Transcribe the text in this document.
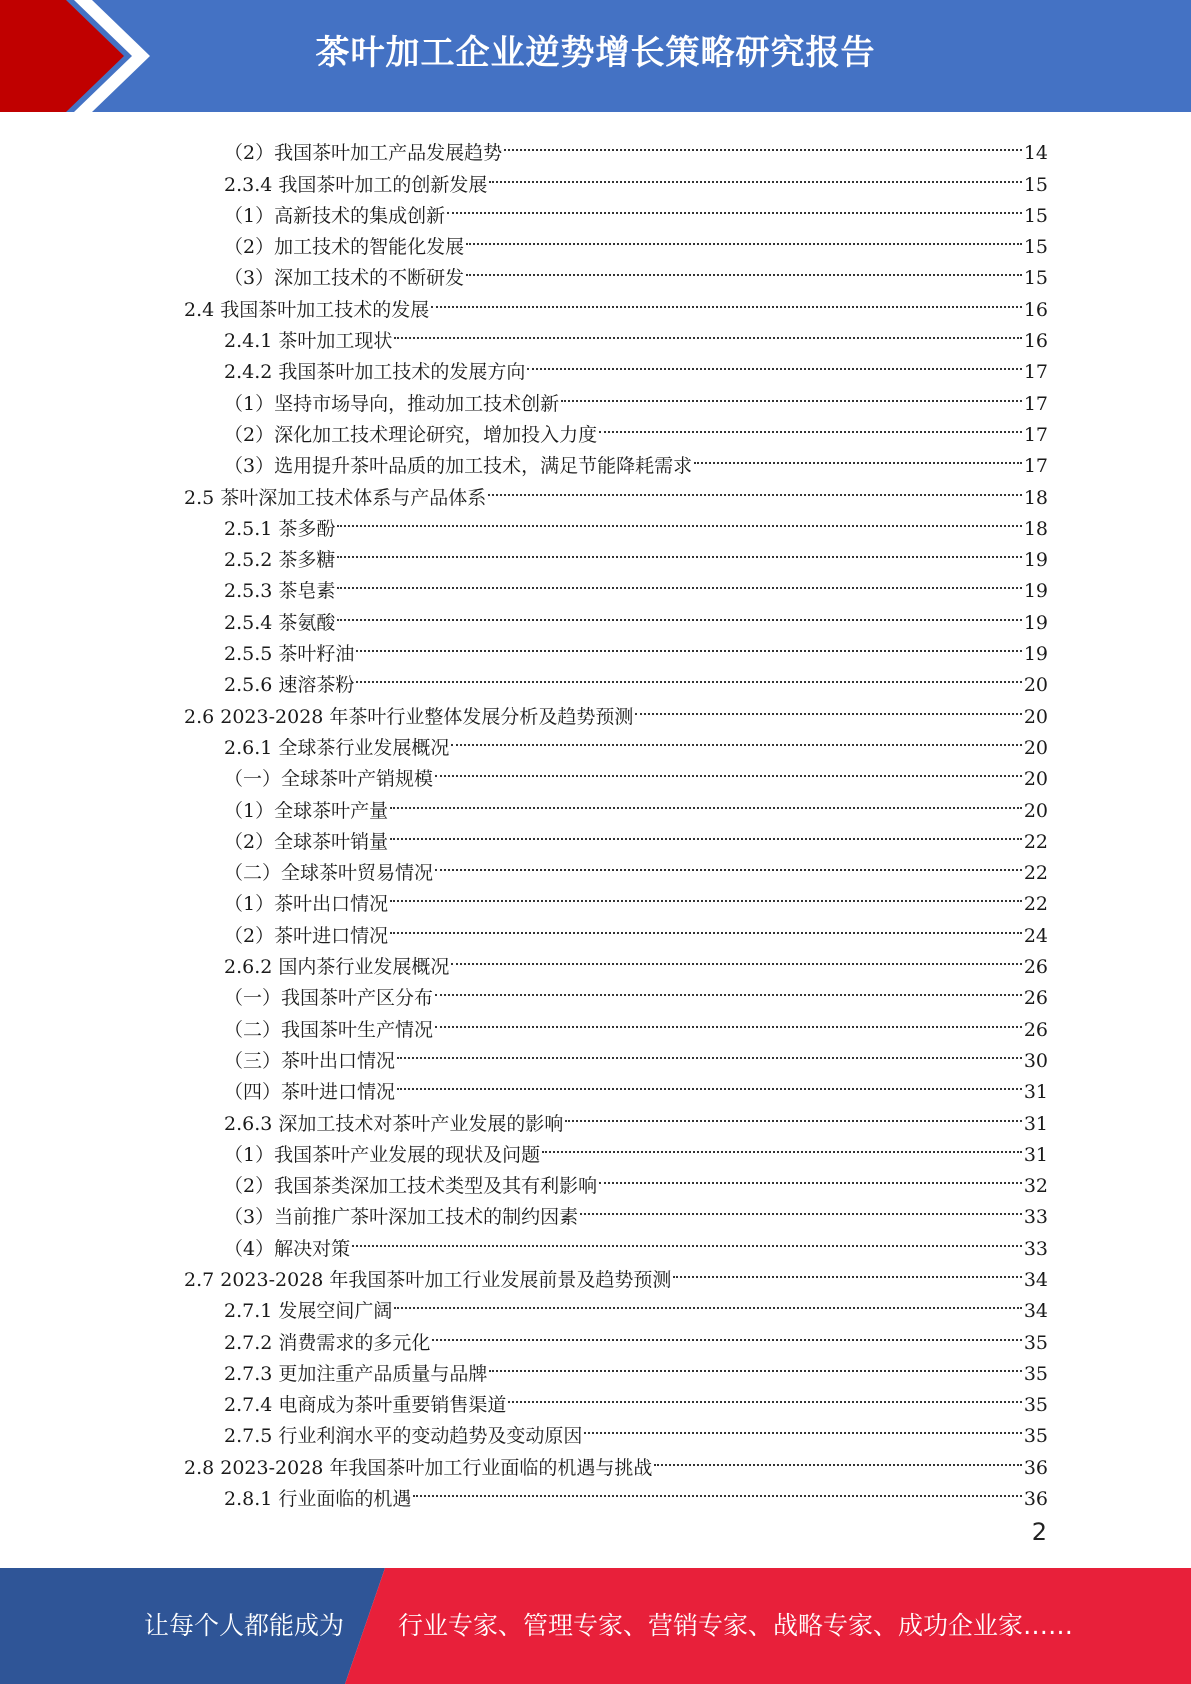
茶叶加工企业逆势增长策略研究报告
（2）我国茶叶加工产品发展趋势	14
2.3.4 我国茶叶加工的创新发展	15
（1）高新技术的集成创新	15
（2）加工技术的智能化发展	15
（3）深加工技术的不断研发	15
2.4 我国茶叶加工技术的发展	16
2.4.1 茶叶加工现状	16
2.4.2 我国茶叶加工技术的发展方向	17
（1）坚持市场导向，推动加工技术创新	17
（2）深化加工技术理论研究，增加投入力度	17
（3）选用提升茶叶品质的加工技术，满足节能降耗需求	17
2.5 茶叶深加工技术体系与产品体系	18
2.5.1 茶多酚	18
2.5.2 茶多糖	19
2.5.3 茶皂素	19
2.5.4 茶氨酸	19
2.5.5 茶叶籽油	19
2.5.6 速溶茶粉	20
2.6 2023-2028 年茶叶行业整体发展分析及趋势预测	20
2.6.1 全球茶行业发展概况	20
（一）全球茶叶产销规模	20
（1）全球茶叶产量	20
（2）全球茶叶销量	22
（二）全球茶叶贸易情况	22
（1）茶叶出口情况	22
（2）茶叶进口情况	24
2.6.2 国内茶行业发展概况	26
（一）我国茶叶产区分布	26
（二）我国茶叶生产情况	26
（三）茶叶出口情况	30
（四）茶叶进口情况	31
2.6.3 深加工技术对茶叶产业发展的影响	31
（1）我国茶叶产业发展的现状及问题	31
（2）我国茶类深加工技术类型及其有利影响	32
（3）当前推广茶叶深加工技术的制约因素	33
（4）解决对策	33
2.7 2023-2028 年我国茶叶加工行业发展前景及趋势预测	34
2.7.1 发展空间广阔	34
2.7.2 消费需求的多元化	35
2.7.3 更加注重产品质量与品牌	35
2.7.4 电商成为茶叶重要销售渠道	35
2.7.5 行业利润水平的变动趋势及变动原因	35
2.8 2023-2028 年我国茶叶加工行业面临的机遇与挑战	36
2.8.1 行业面临的机遇	36
2
让每个人都能成为 行业专家、管理专家、营销专家、战略专家、成功企业家……
